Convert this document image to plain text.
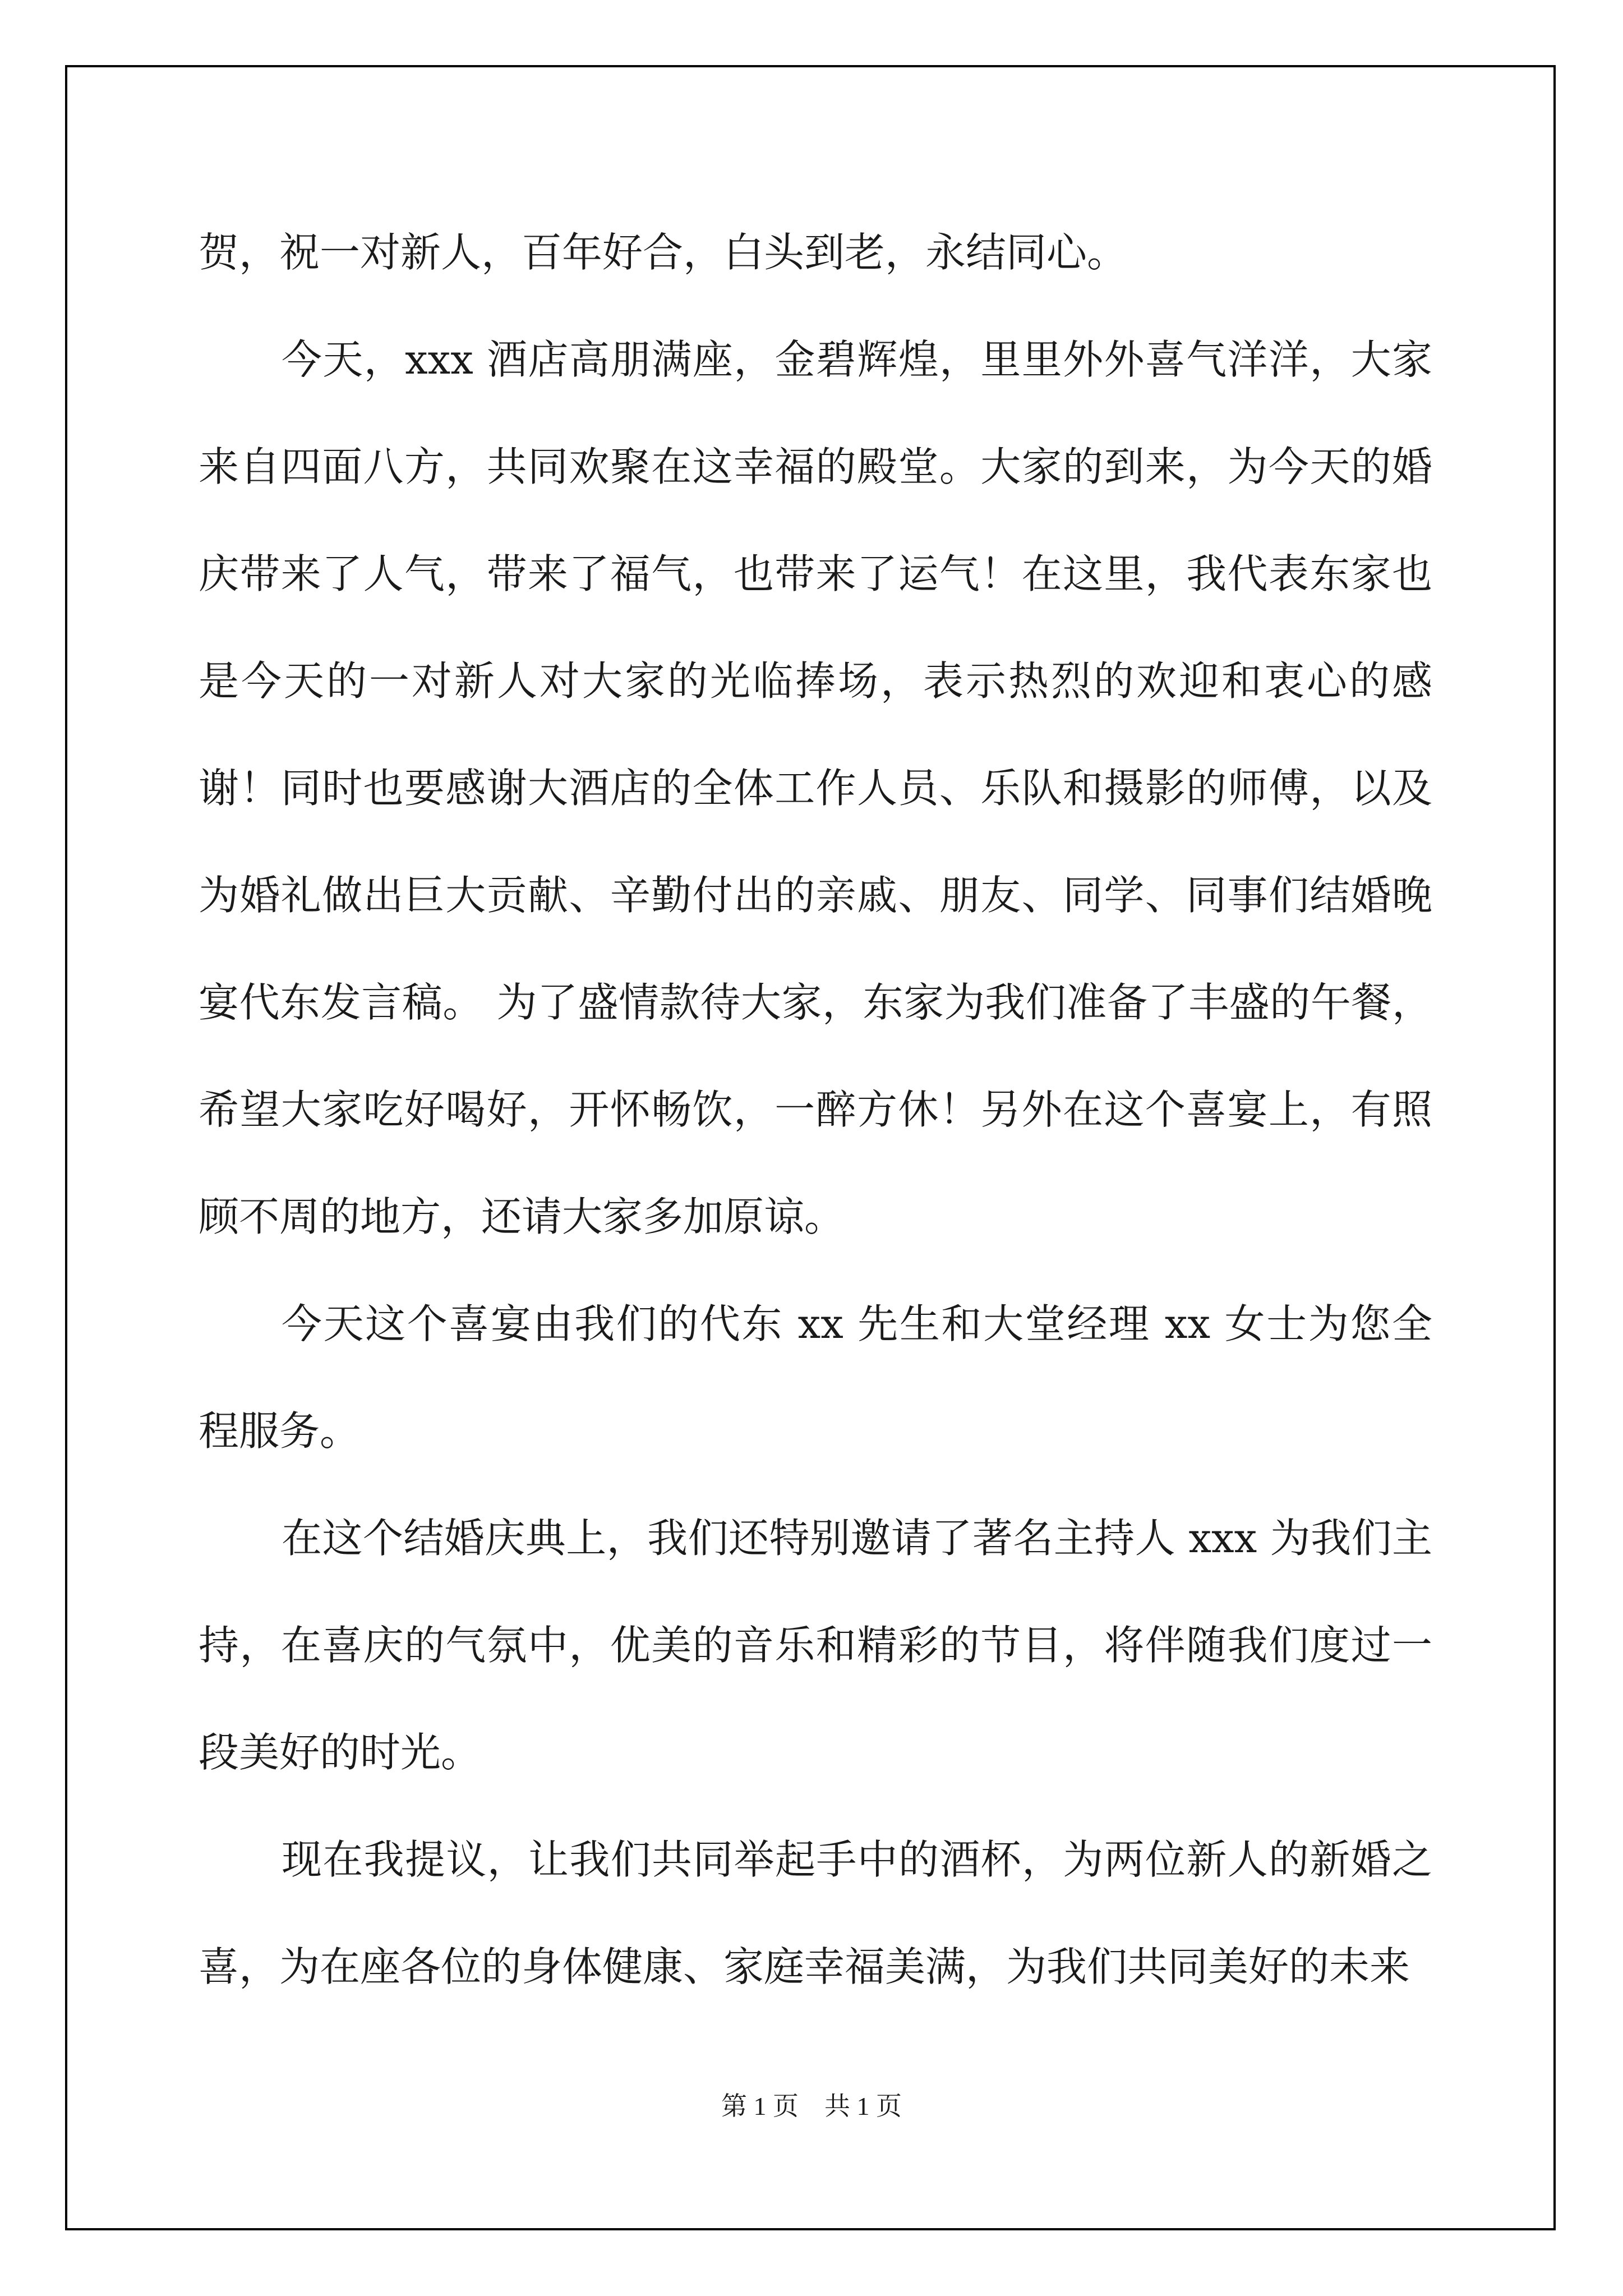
贺，祝一对新人，百年好合，白头到老，永结同心。

今天，xxx 酒店高朋满座，金碧辉煌，里里外外喜气洋洋，大家来自四面八方，共同欢聚在这幸福的殿堂。大家的到来，为今天的婚庆带来了人气，带来了福气，也带来了运气！在这里，我代表东家也是今天的一对新人对大家的光临捧场，表示热烈的欢迎和衷心的感谢！同时也要感谢大酒店的全体工作人员、乐队和摄影的师傅，以及为婚礼做出巨大贡献、辛勤付出的亲戚、朋友、同学、同事们结婚晚宴代东发言稿。 为了盛情款待大家，东家为我们准备了丰盛的午餐，希望大家吃好喝好，开怀畅饮，一醉方休！另外在这个喜宴上，有照顾不周的地方，还请大家多加原谅。

今天这个喜宴由我们的代东 xx 先生和大堂经理 xx 女士为您全程服务。

在这个结婚庆典上，我们还特别邀请了著名主持人 xxx 为我们主持，在喜庆的气氛中，优美的音乐和精彩的节目，将伴随我们度过一段美好的时光。

现在我提议，让我们共同举起手中的酒杯，为两位新人的新婚之喜，为在座各位的身体健康、家庭幸福美满，为我们共同美好的未来

第 1 页    共 1 页
